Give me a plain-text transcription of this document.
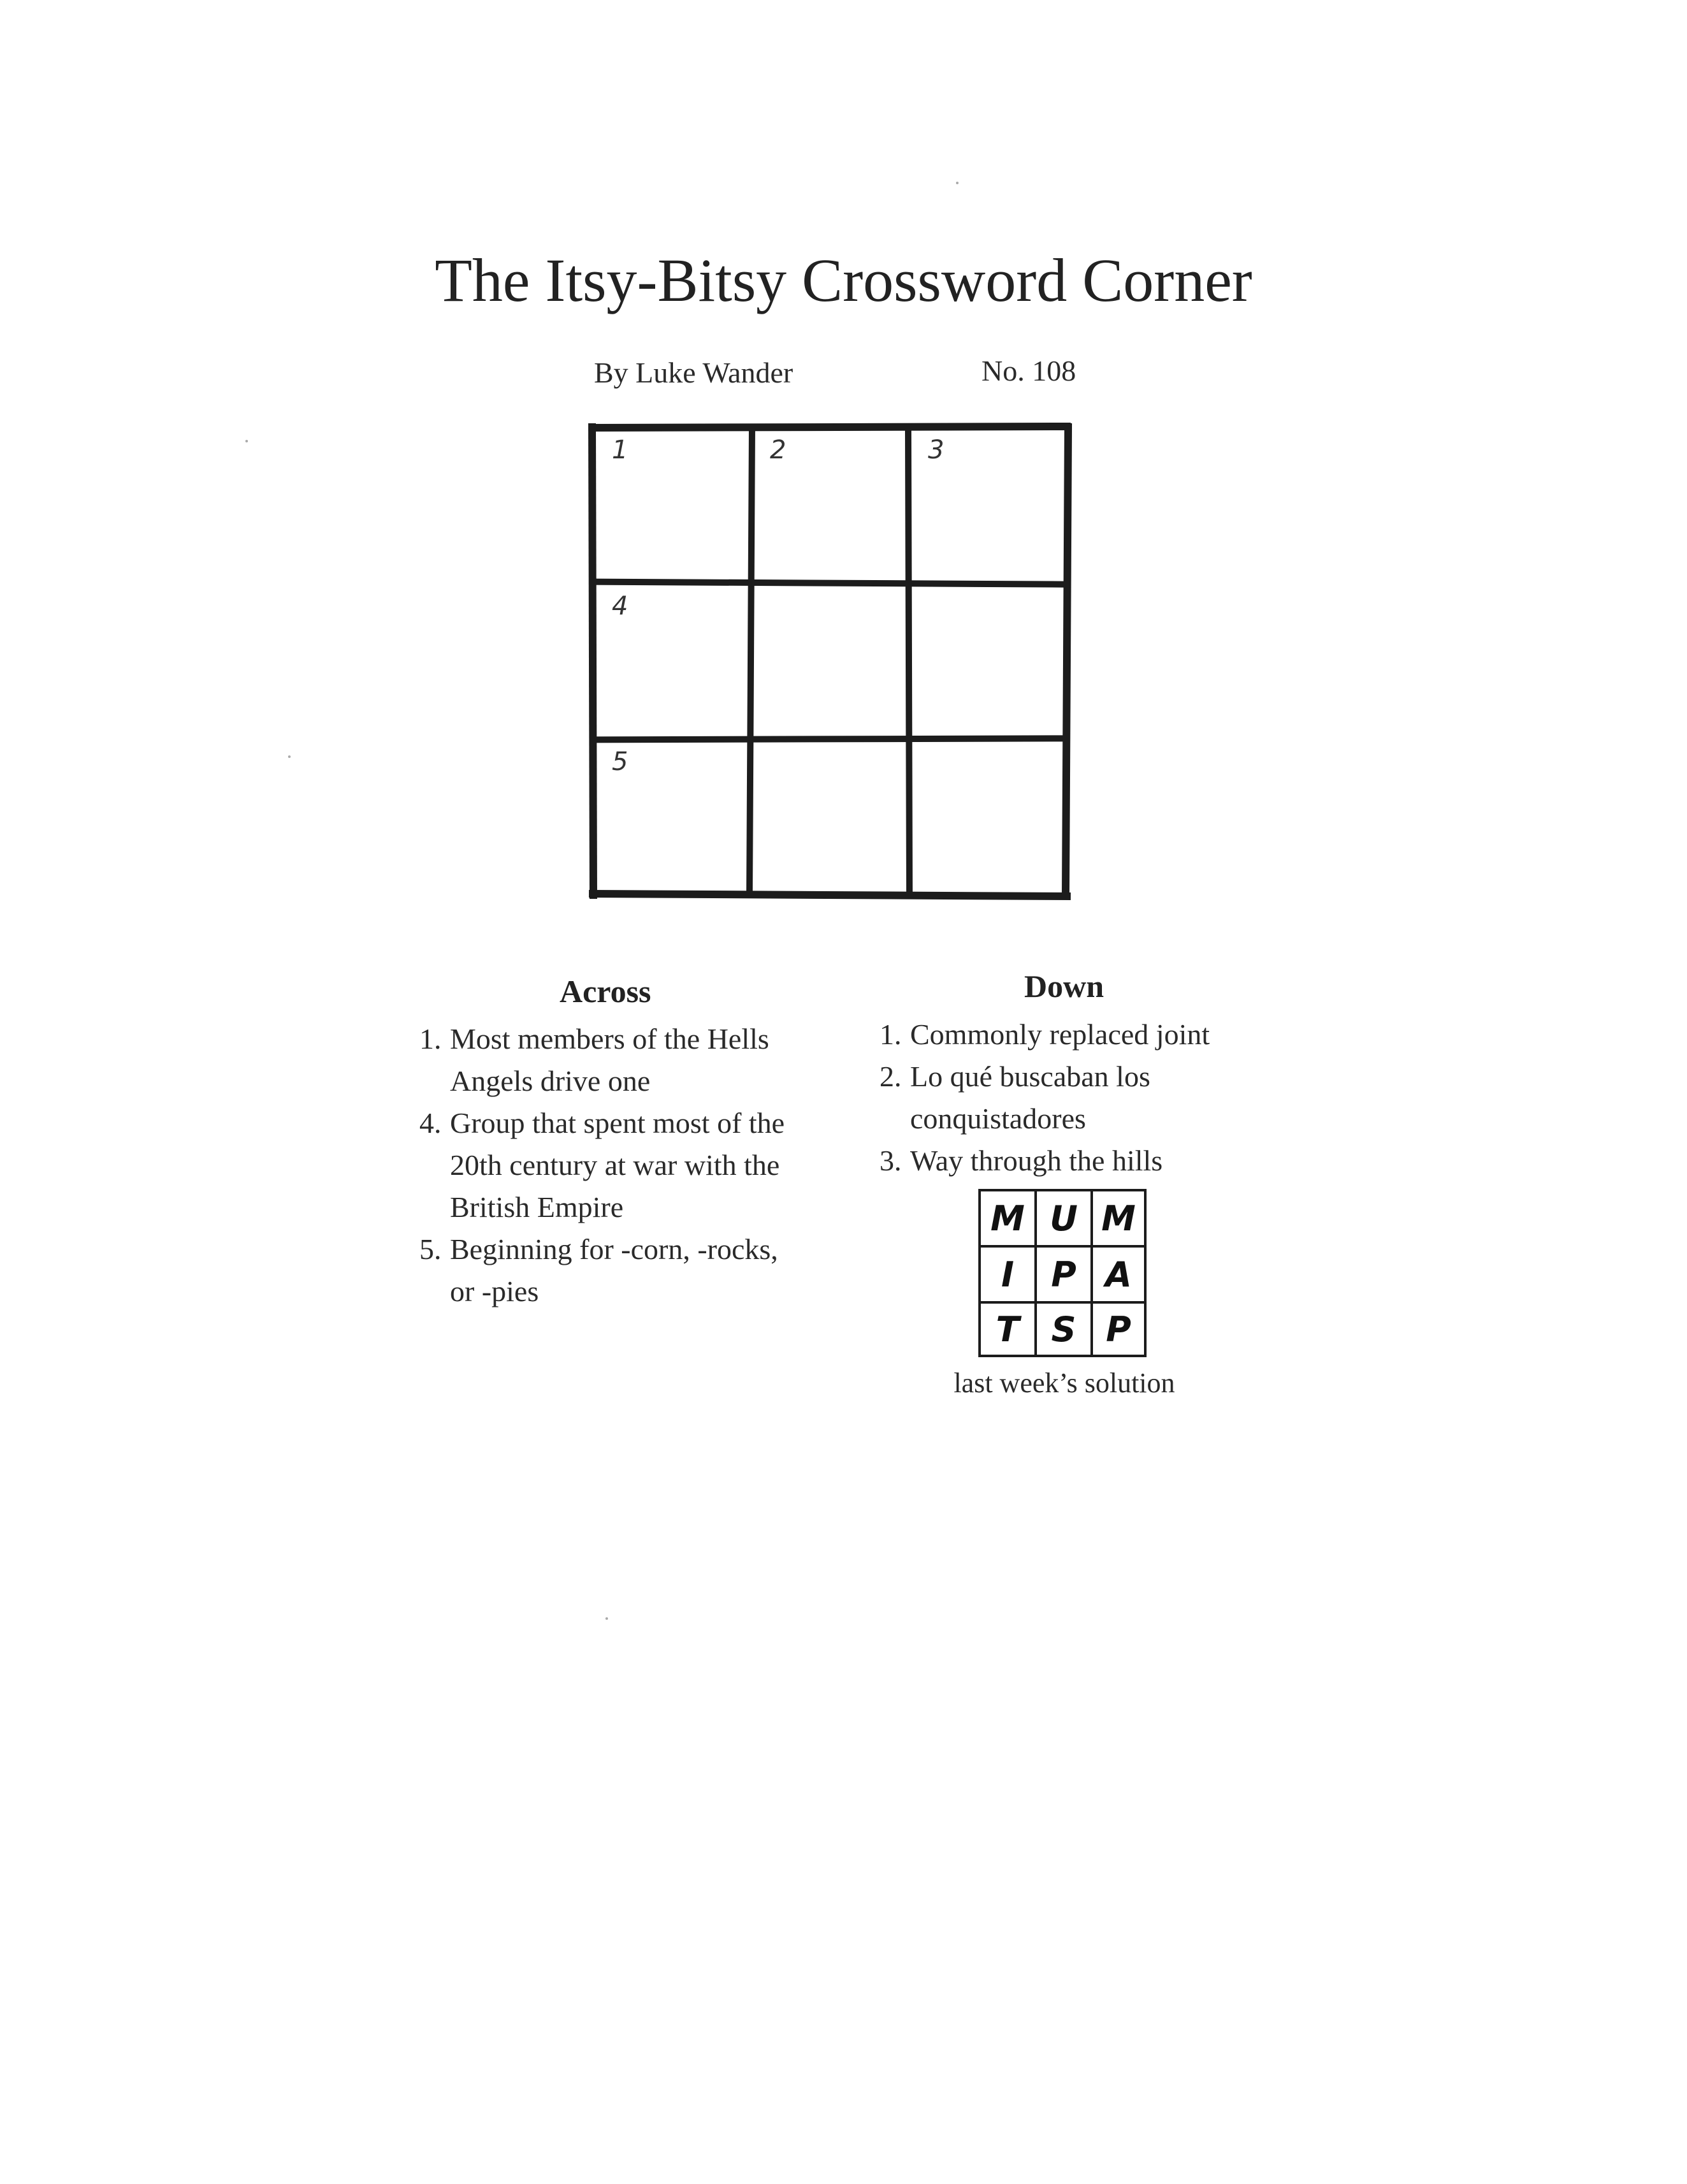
The Itsy-Bitsy Crossword Corner
By Luke Wander	No. 108
1	2	3
4
5
Across
1. Most members of the Hells
Angels drive one
4. Group that spent most of the
20th century at war with the
British Empire
5. Beginning for -corn, -rocks,
or -pies
Down
1. Commonly replaced joint
2. Lo qué buscaban los
conquistadores
3. Way through the hills
M U M
I	P A
T S P
last week’s solution
